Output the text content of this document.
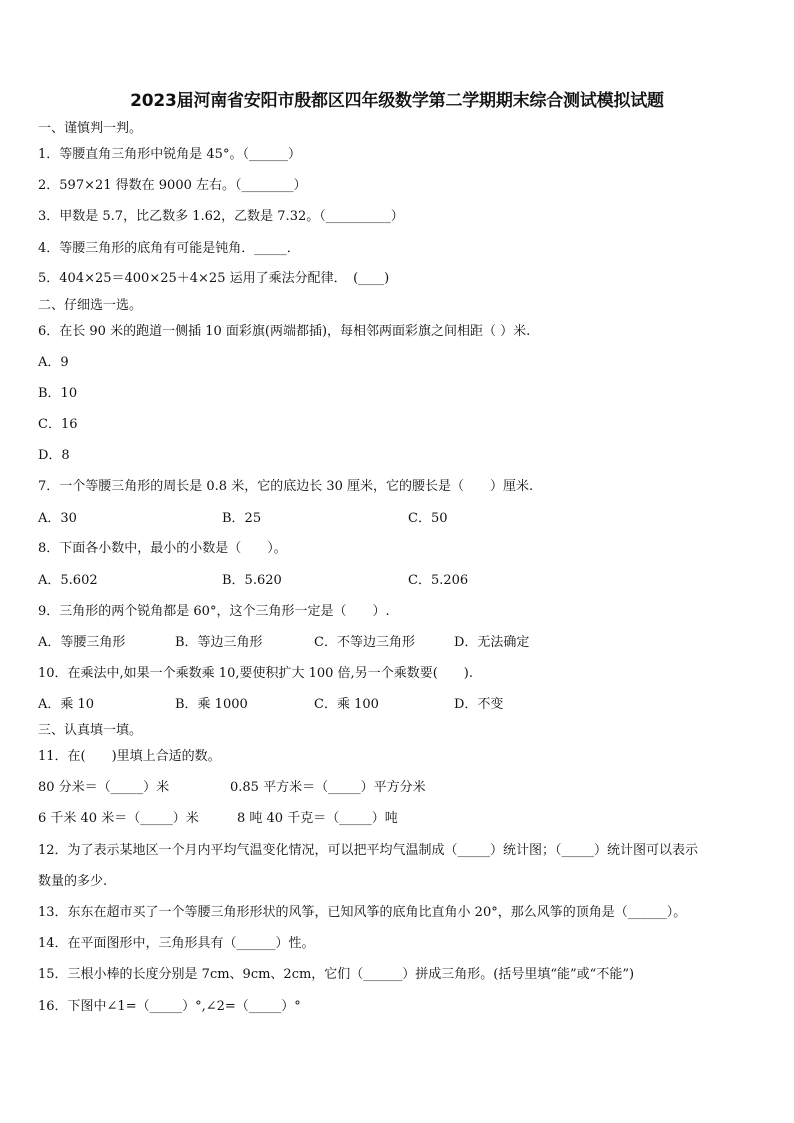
2023届河南省安阳市殷都区四年级数学第二学期期末综合测试模拟试题
一、谨慎判一判。
1．等腰直角三角形中锐角是 45°。（______）
2．597×21 得数在 9000 左右。（________）
3．甲数是 5.7，比乙数多 1.62，乙数是 7.32。（__________）
4．等腰三角形的底角有可能是钝角．_____．
5．404×25＝400×25＋4×25 运用了乘法分配律．　(____)
二、仔细选一选。
6．在长 90 米的跑道一侧插 10 面彩旗(两端都插)，每相邻两面彩旗之间相距（ ）米.
A．9
B．10
C．16
D．8
7．一个等腰三角形的周长是 0.8 米，它的底边长 30 厘米，它的腰长是（　　）厘米.
A．30	B．25	C．50
8．下面各小数中，最小的小数是（　　）。
A．5.602	B．5.620	C．5.206
9．三角形的两个锐角都是 60°，这个三角形一定是（　　）.
A．等腰三角形	B．等边三角形	C．不等边三角形	D．无法确定
10．在乘法中,如果一个乘数乘 10,要使积扩大 100 倍,另一个乘数要(　　).
A．乘 10	B．乘 1000	C．乘 100	D．不变
三、认真填一填。
11．在(　　)里填上合适的数。
80 分米＝（_____）米	0.85 平方米＝（_____）平方分米
6 千米 40 米＝（_____）米	8 吨 40 千克＝（_____）吨
12．为了表示某地区一个月内平均气温变化情况，可以把平均气温制成（_____）统计图；（_____）统计图可以表示
数量的多少.
13．东东在超市买了一个等腰三角形形状的风筝，已知风筝的底角比直角小 20°，那么风筝的顶角是（______）。
14．在平面图形中，三角形具有（______）性。
15．三根小棒的长度分别是 7cm、9cm、2cm，它们（______）拼成三角形。(括号里填“能”或“不能”)
16．下图中∠1=（_____）°,∠2=（_____）°
